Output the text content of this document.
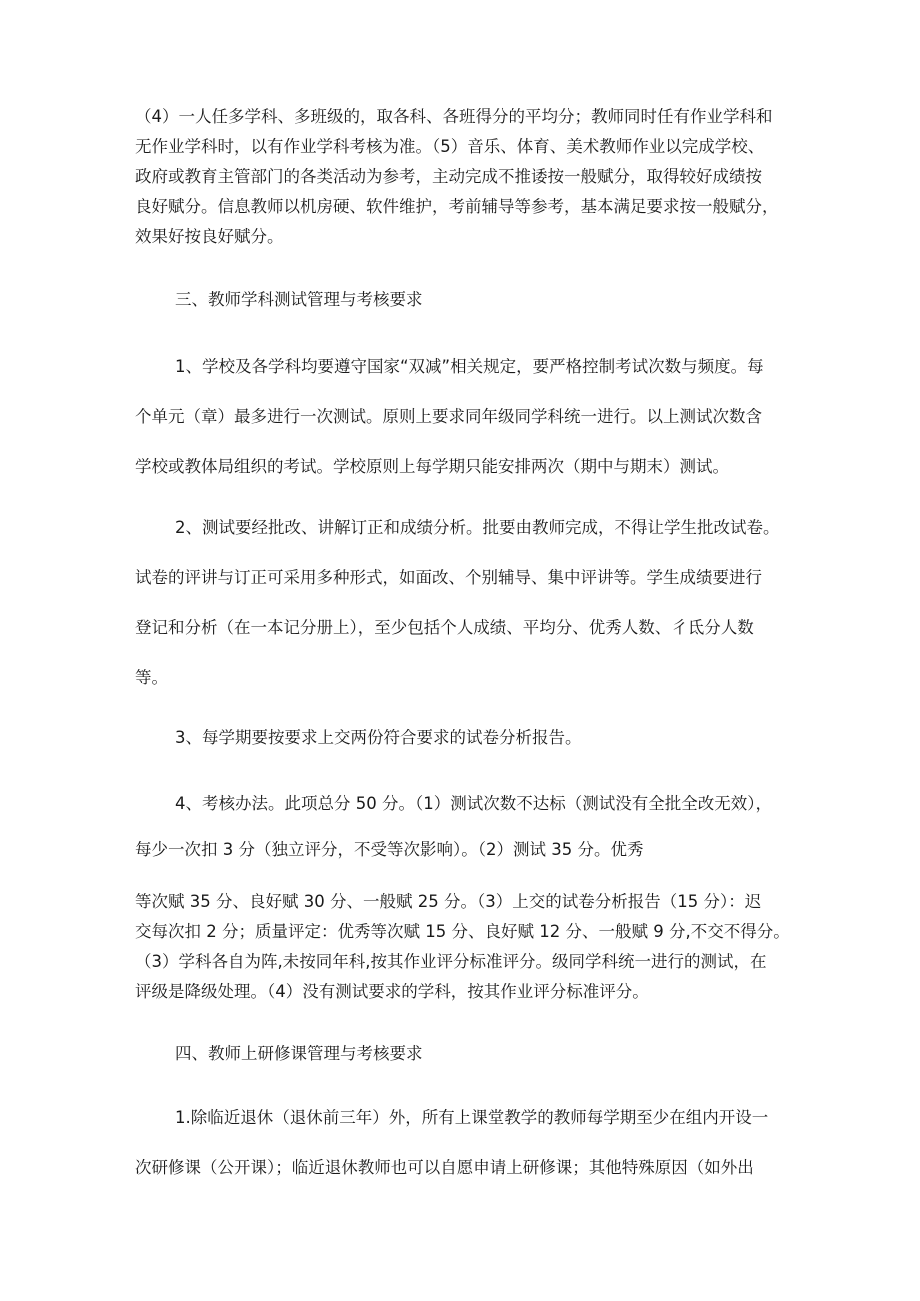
（4）一人任多学科、多班级的，取各科、各班得分的平均分；教师同时任有作业学科和
无作业学科时，以有作业学科考核为准。（5）音乐、体育、美术教师作业以完成学校、
政府或教育主管部门的各类活动为参考，主动完成不推诿按一般赋分，取得较好成绩按
良好赋分。信息教师以机房硬、软件维护，考前辅导等参考，基本满足要求按一般赋分，
效果好按良好赋分。
三、教师学科测试管理与考核要求
1、学校及各学科均要遵守国家“双减”相关规定，要严格控制考试次数与频度。每
个单元（章）最多进行一次测试。原则上要求同年级同学科统一进行。以上测试次数含
学校或教体局组织的考试。学校原则上每学期只能安排两次（期中与期末）测试。
2、测试要经批改、讲解订正和成绩分析。批要由教师完成，不得让学生批改试卷。
试卷的评讲与订正可采用多种形式，如面改、个别辅导、集中评讲等。学生成绩要进行
登记和分析（在一本记分册上），至少包括个人成绩、平均分、优秀人数、彳氐分人数
等。
3、每学期要按要求上交两份符合要求的试卷分析报告。
4、考核办法。此项总分 50 分。（1）测试次数不达标（测试没有全批全改无效），
每少一次扣 3 分（独立评分，不受等次影响）。（2）测试 35 分。优秀
等次赋 35 分、良好赋 30 分、一般赋 25 分。（3）上交的试卷分析报告（15 分）：迟
交每次扣 2 分；质量评定：优秀等次赋 15 分、良好赋 12 分、一般赋 9 分,不交不得分。
（3）学科各自为阵,未按同年科,按其作业评分标准评分。级同学科统一进行的测试，在
评级是降级处理。（4）没有测试要求的学科，按其作业评分标准评分。
四、教师上研修课管理与考核要求
1.除临近退休（退休前三年）外，所有上课堂教学的教师每学期至少在组内开设一
次研修课（公开课）；临近退休教师也可以自愿申请上研修课；其他特殊原因（如外出
